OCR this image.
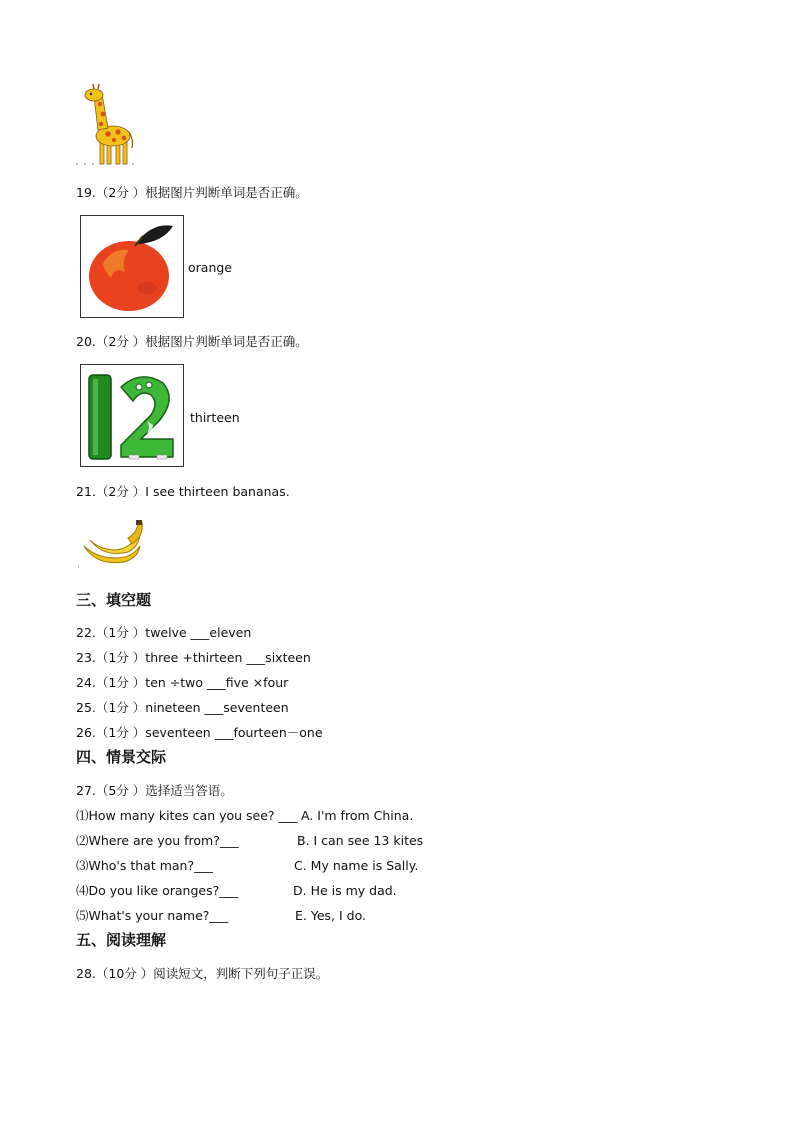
19.（2分 ）根据图片判断单词是否正确。
orange
20.（2分 ）根据图片判断单词是否正确。
thirteen
21.（2分 ）I see thirteen bananas.
三、填空题
22.（1分 ）twelve ___eleven
23.（1分 ）three +thirteen ___sixteen
24.（1分 ）ten ÷two ___five ×four
25.（1分 ）nineteen ___seventeen
26.（1分 ）seventeen ___fourteen－one
四、情景交际
27.（5分 ）选择适当答语。
⑴How many kites can you see? ___
⑵Where are you from?___
⑶Who's that man?___
⑷Do you like oranges?___
⑸What's your name?___
A. I'm from China.
B. I can see 13 kites
C. My name is Sally.
D. He is my dad.
E. Yes, I do.
五、阅读理解
28.（10分 ）阅读短文，判断下列句子正误。
